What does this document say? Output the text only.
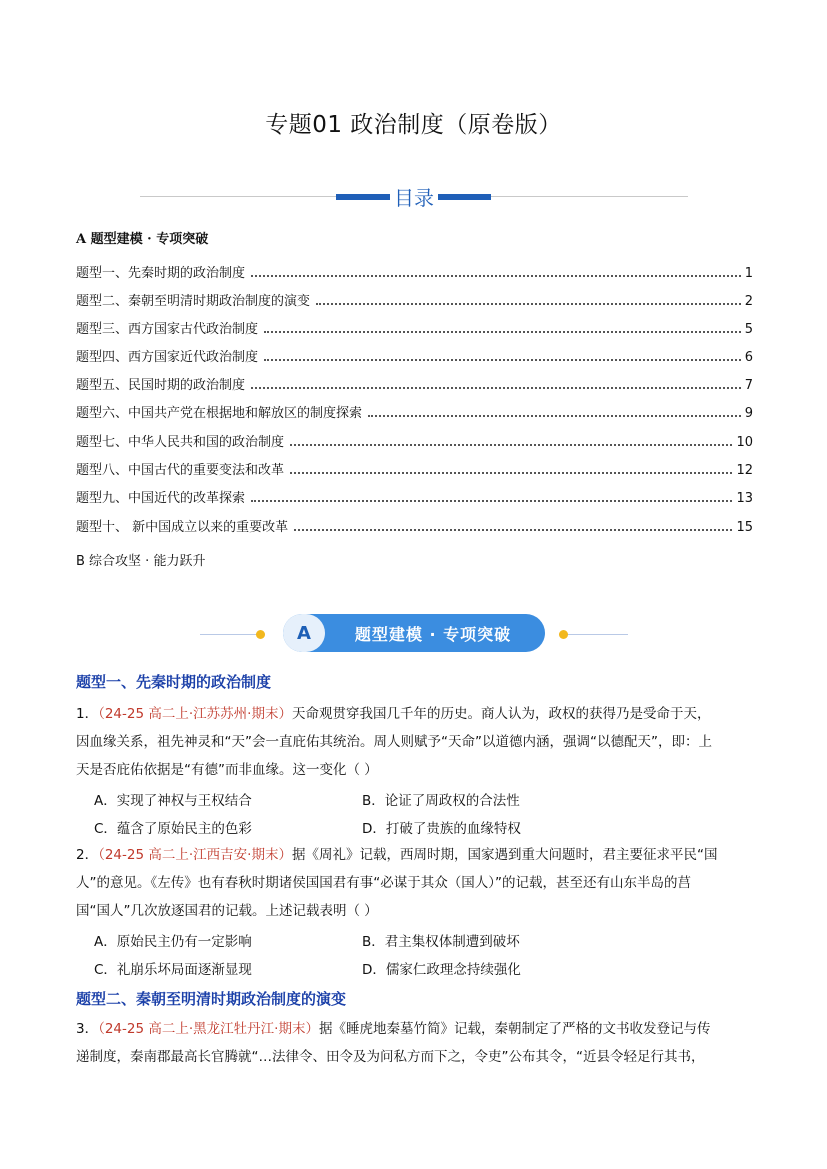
专题01 政治制度（原卷版）
目录
A 题型建模 · 专项突破
题型一、先秦时期的政治制度	1
题型二、秦朝至明清时期政治制度的演变	2
题型三、西方国家古代政治制度	5
题型四、西方国家近代政治制度	6
题型五、民国时期的政治制度	7
题型六、中国共产党在根据地和解放区的制度探索	9
题型七、中华人民共和国的政治制度	10
题型八、中国古代的重要变法和改革	12
题型九、中国近代的改革探索	13
题型十、 新中国成立以来的重要改革	15
B 综合攻坚 · 能力跃升
A	题型建模 · 专项突破
题型一、先秦时期的政治制度
1．（24-25 高二上·江苏苏州·期末）天命观贯穿我国几千年的历史。商人认为，政权的获得乃是受命于天，
因血缘关系，祖先神灵和“天”会一直庇佑其统治。周人则赋予“天命”以道德内涵，强调“以德配天”，即：上
天是否庇佑依据是“有德”而非血缘。这一变化（ ）
A．实现了神权与王权结合	B．论证了周政权的合法性
C．蕴含了原始民主的色彩	D．打破了贵族的血缘特权
2．（24-25 高二上·江西吉安·期末）据《周礼》记载，西周时期，国家遇到重大问题时，君主要征求平民“国
人”的意见。《左传》也有春秋时期诸侯国国君有事“必谋于其众（国人）”的记载，甚至还有山东半岛的莒
国“国人”几次放逐国君的记载。上述记载表明（ ）
A．原始民主仍有一定影响	B．君主集权体制遭到破坏
C．礼崩乐坏局面逐渐显现	D．儒家仁政理念持续强化
题型二、秦朝至明清时期政治制度的演变
3．（24-25 高二上·黑龙江牡丹江·期末）据《睡虎地秦墓竹简》记载，秦朝制定了严格的文书收发登记与传
递制度，秦南郡最高长官腾就“…法律令、田令及为问私方而下之，令吏”公布其令，“近县令轻足行其书，
